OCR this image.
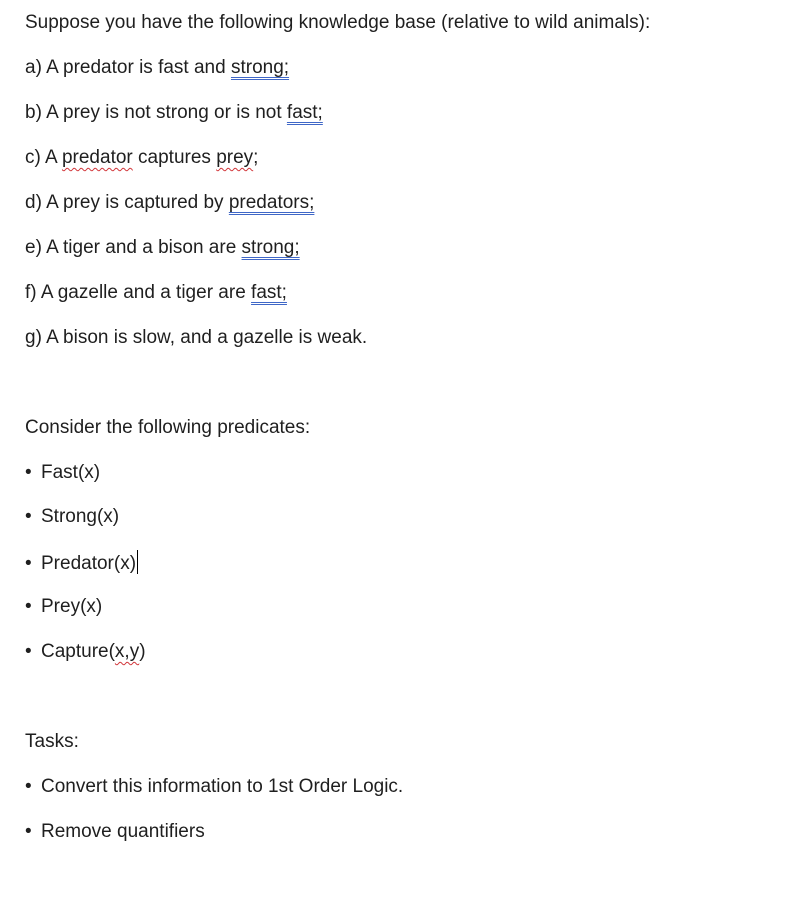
Suppose you have the following knowledge base (relative to wild animals):
a) A predator is fast and strong;
b) A prey is not strong or is not fast;
c) A predator captures prey;
d) A prey is captured by predators;
e) A tiger and a bison are strong;
f) A gazelle and a tiger are fast;
g) A bison is slow, and a gazelle is weak.
Consider the following predicates:
• Fast(x)
• Strong(x)
• Predator(x)
• Prey(x)
• Capture(x,y)
Tasks:
• Convert this information to 1st Order Logic.
• Remove quantifiers
